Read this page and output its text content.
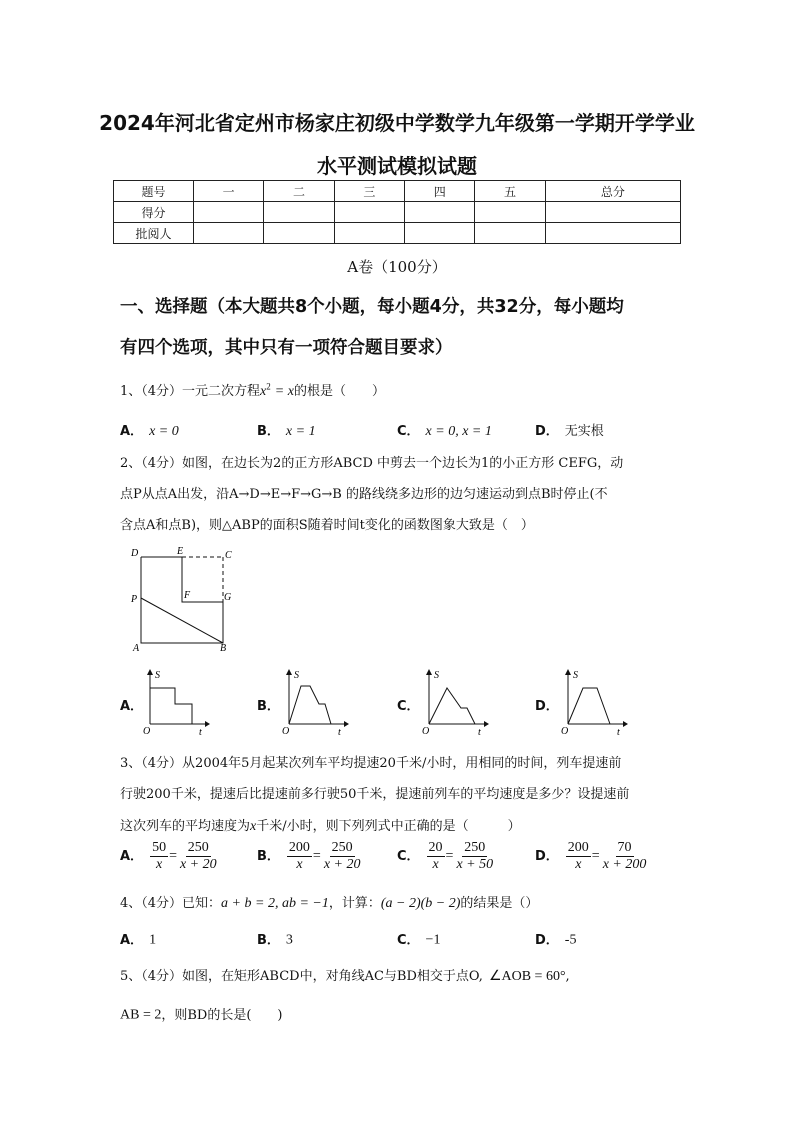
2024年河北省定州市杨家庄初级中学数学九年级第一学期开学学业
水平测试模拟试题
题号	一	二	三	四	五	总分
得分						
批阅人						
A卷（100分）
一、选择题（本大题共8个小题，每小题4分，共32分，每小题均
有四个选项，其中只有一项符合题目要求）
1、（4分）一元二次方程$x^2 = x$的根是（　　）
A． x = 0	B． x = 1	C． x = 0, x = 1	D． 无实根
2、（4分）如图，在边长为2的正方形ABCD 中剪去一个边长为1的小正方形 CEFG，动
点P从点A出发，沿A→D→E→F→G→B 的路线绕多边形的边匀速运动到点B时停止(不
含点A和点B)，则△ABP的面积S随着时间t变化的函数图象大致是（　）
D	E	C
F	G
P
A	B
A．	B．	C．	D．
S
O	t
S
O	t
S
O	t
S
O	t
3、（4分）从2004年5月起某次列车平均提速20千米/小时，用相同的时间，列车提速前
行驶200千米，提速后比提速前多行驶50千米，提速前列车的平均速度是多少？设提速前
这次列车的平均速度为x千米/小时，则下列列式中正确的是（　　　）
A． $\frac{50}{x} = \frac{250}{x + 20}$	B． $\frac{200}{x} = \frac{250}{x + 20}$	C． $\frac{20}{x} = \frac{250}{x + 50}$	D． $\frac{200}{x} = \frac{70}{x + 200}$
4、（4分）已知：a + b = 2, ab = −1，计算：(a − 2)(b − 2)的结果是（）
A． 1	B． 3	C． −1	D． -5
5、（4分）如图，在矩形ABCD中，对角线AC与BD相交于点O, ∠AOB = 60°,
AB = 2，则BD的长是(　　)
